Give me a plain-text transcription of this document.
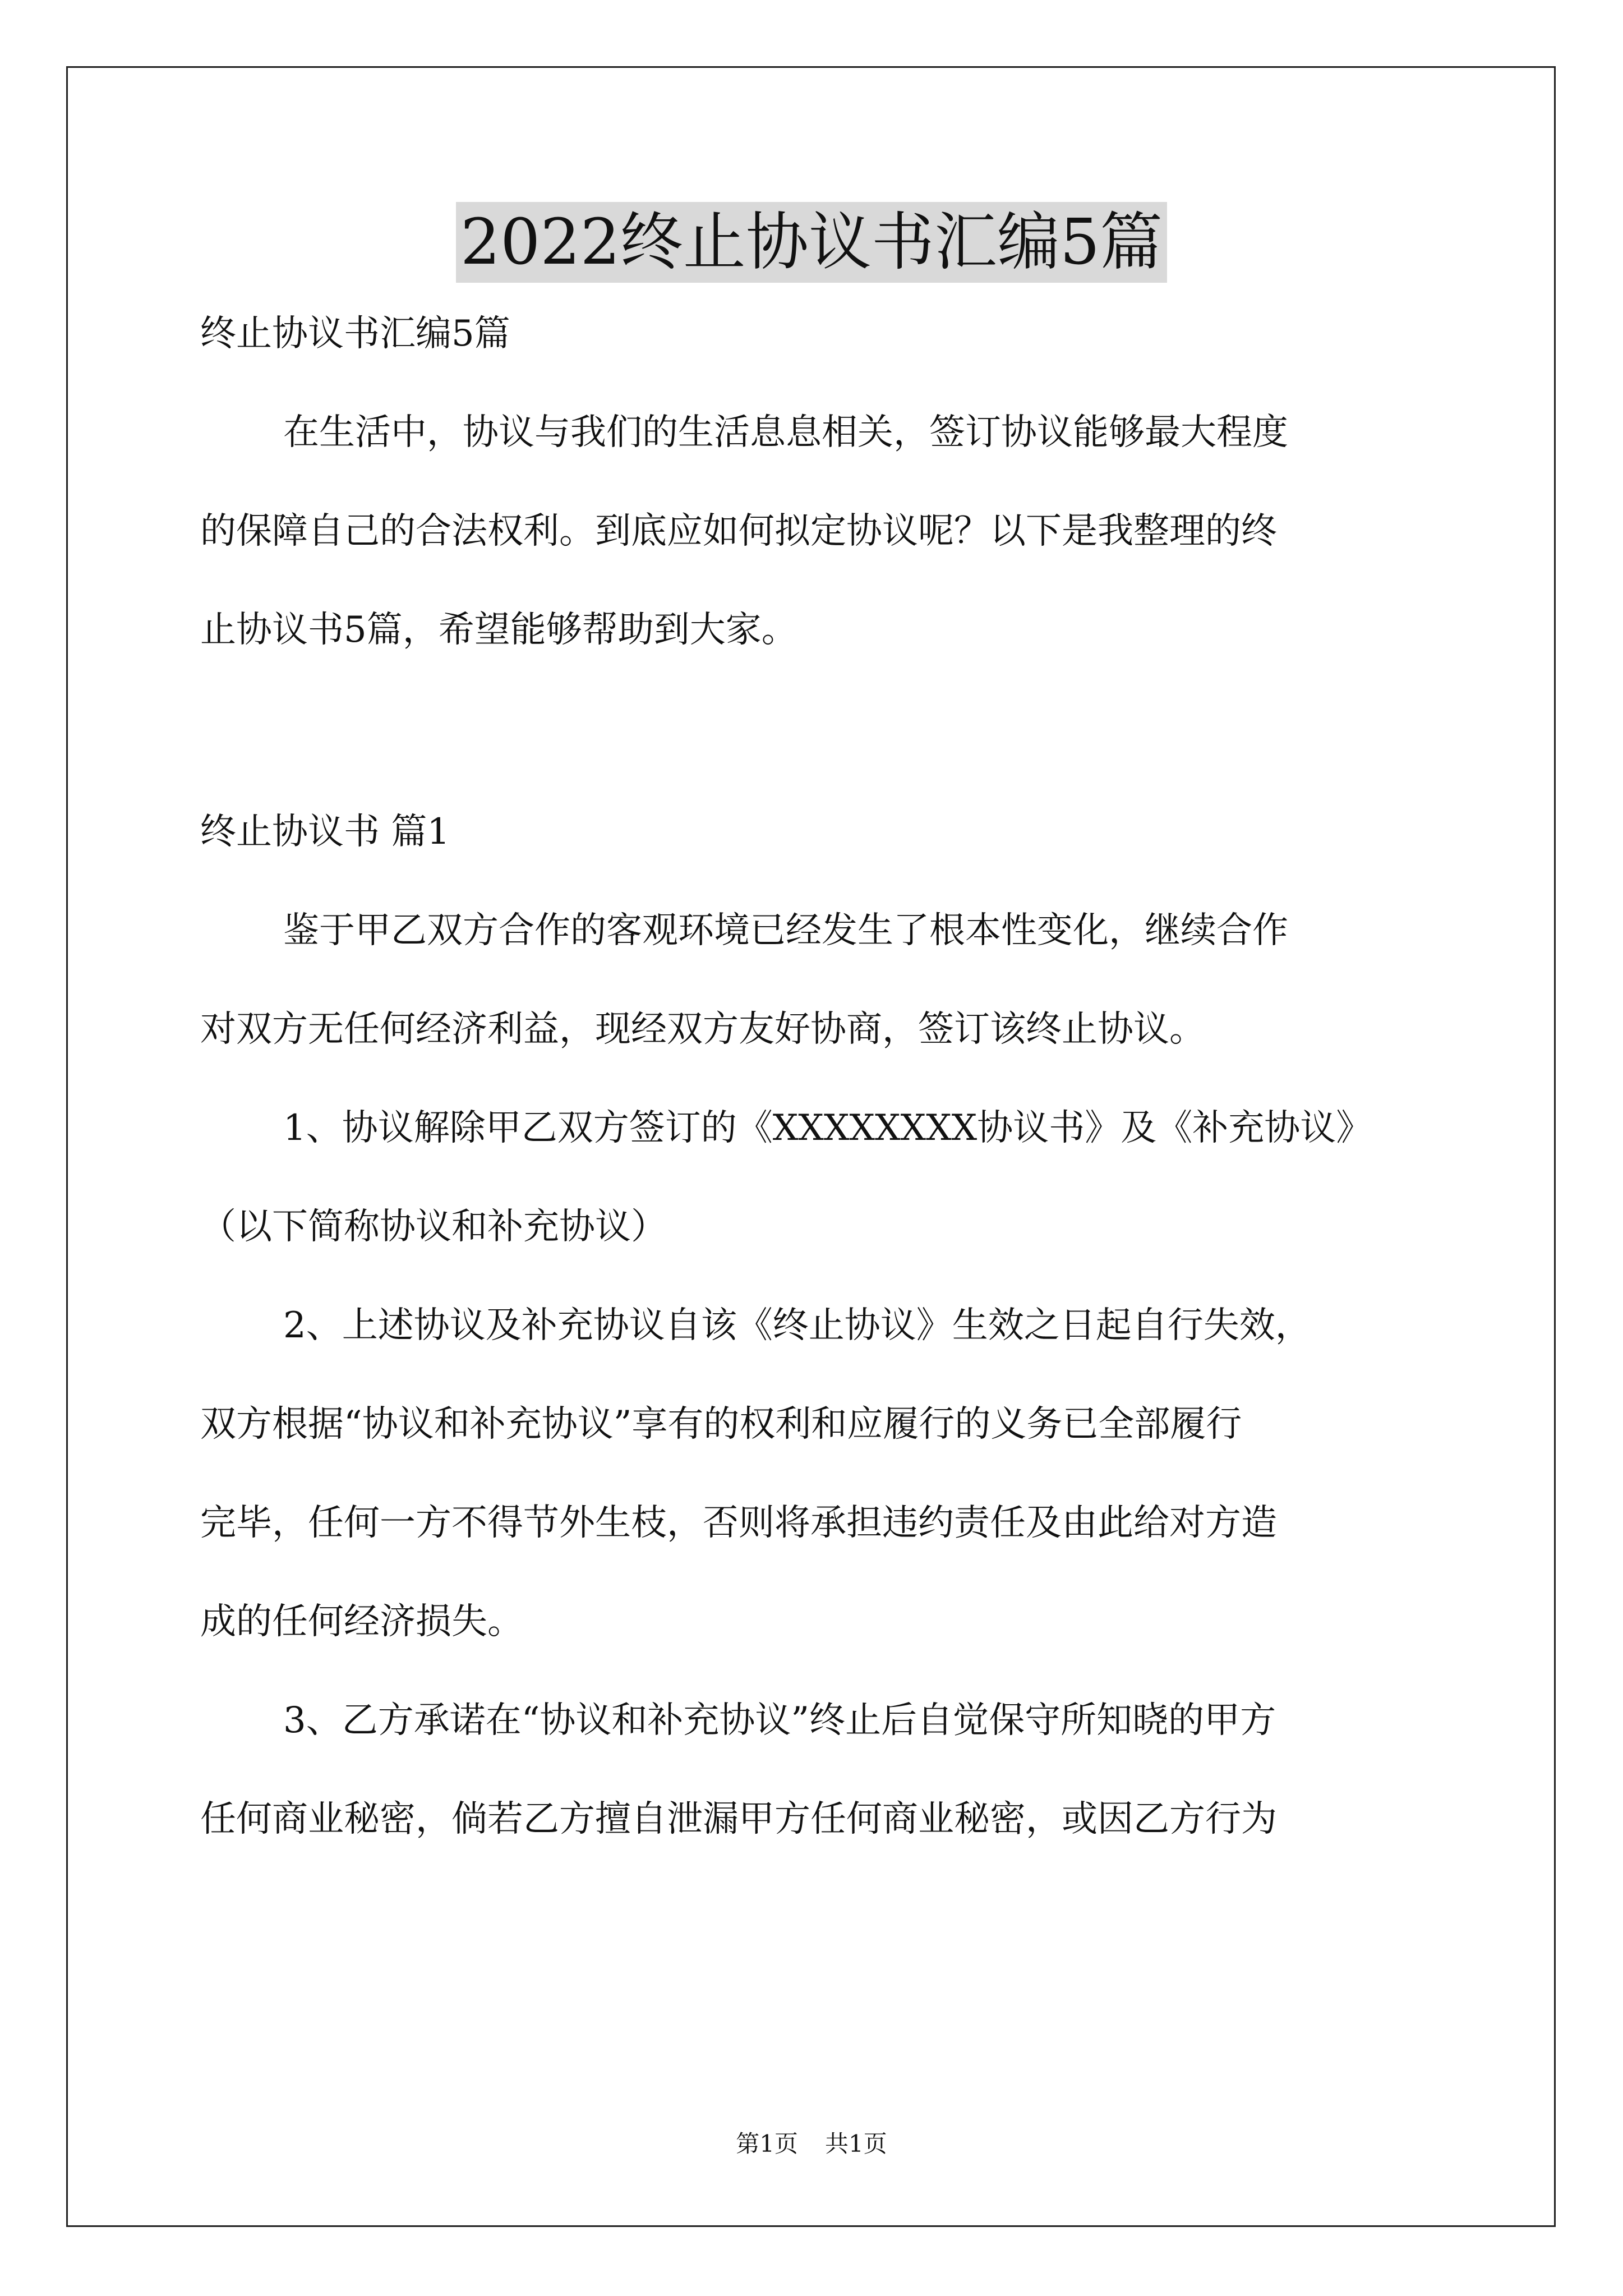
2022终止协议书汇编5篇
终止协议书汇编5篇
在生活中，协议与我们的生活息息相关，签订协议能够最大程度
的保障自己的合法权利。到底应如何拟定协议呢？以下是我整理的终
止协议书5篇，希望能够帮助到大家。
终止协议书 篇1
鉴于甲乙双方合作的客观环境已经发生了根本性变化，继续合作
对双方无任何经济利益，现经双方友好协商，签订该终止协议。
1、协议解除甲乙双方签订的《XXXXXXXX协议书》及《补充协议》
（以下简称协议和补充协议）
2、上述协议及补充协议自该《终止协议》生效之日起自行失效，
双方根据“协议和补充协议”享有的权利和应履行的义务已全部履行
完毕，任何一方不得节外生枝，否则将承担违约责任及由此给对方造
成的任何经济损失。
3、乙方承诺在“协议和补充协议”终止后自觉保守所知晓的甲方
任何商业秘密，倘若乙方擅自泄漏甲方任何商业秘密，或因乙方行为
第1页 共1页
